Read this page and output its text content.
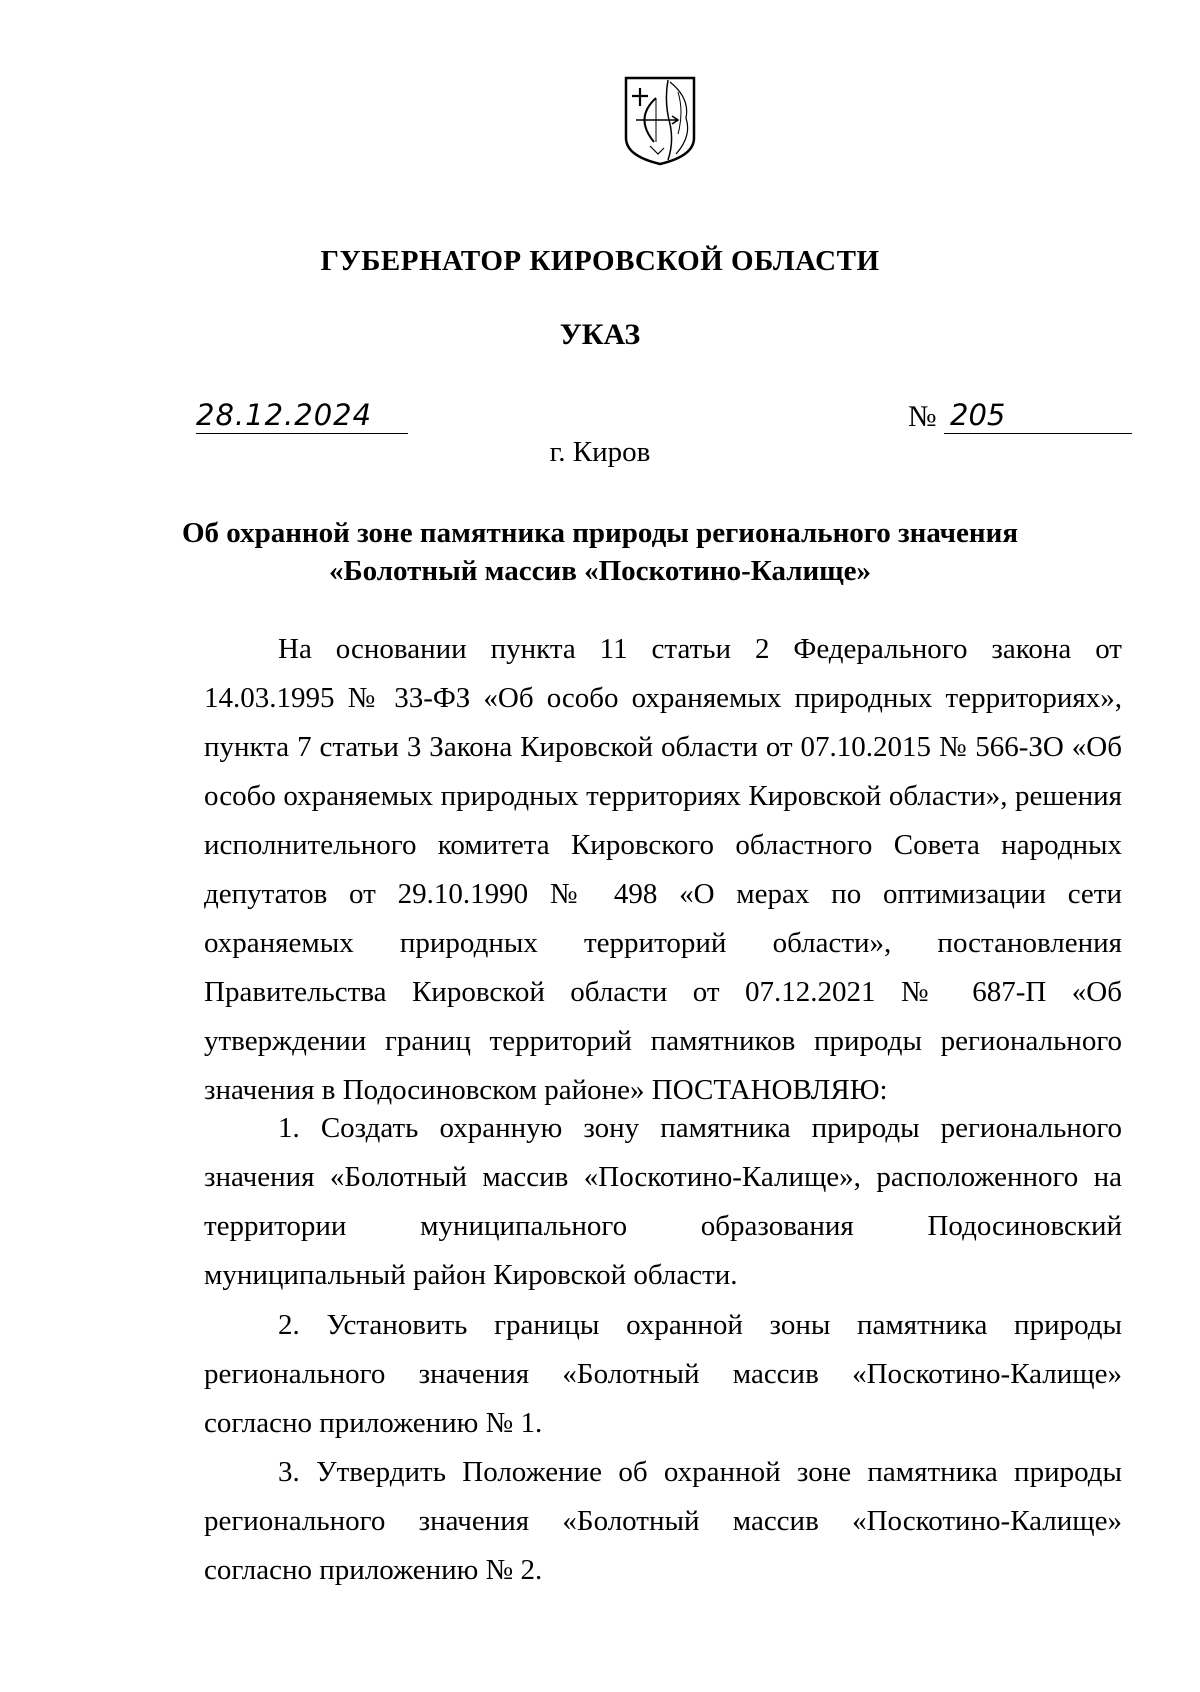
ГУБЕРНАТОР КИРОВСКОЙ ОБЛАСТИ
УКАЗ
28.12.2024	№ 205
г. Киров
Об охранной зоне памятника природы регионального значения
«Болотный массив «Поскотино-Калище»

На основании пункта 11 статьи 2 Федерального закона от 14.03.1995 № 33-ФЗ «Об особо охраняемых природных территориях», пункта 7 статьи 3 Закона Кировской области от 07.10.2015 № 566-ЗО «Об особо охраняемых природных территориях Кировской области», решения исполнительного комитета Кировского областного Совета народных депутатов от 29.10.1990 № 498 «О мерах по оптимизации сети охраняемых природных территорий области», постановления Правительства Кировской области от 07.12.2021 № 687-П «Об утверждении границ территорий памятников природы регионального значения в Подосиновском районе» ПОСТАНОВЛЯЮ:

1. Создать охранную зону памятника природы регионального значения «Болотный массив «Поскотино-Калище», расположенного на территории муниципального образования Подосиновский муниципальный район Кировской области.

2. Установить границы охранной зоны памятника природы регионального значения «Болотный массив «Поскотино-Калище» согласно приложению № 1.

3. Утвердить Положение об охранной зоне памятника природы регионального значения «Болотный массив «Поскотино-Калище» согласно приложению № 2.
